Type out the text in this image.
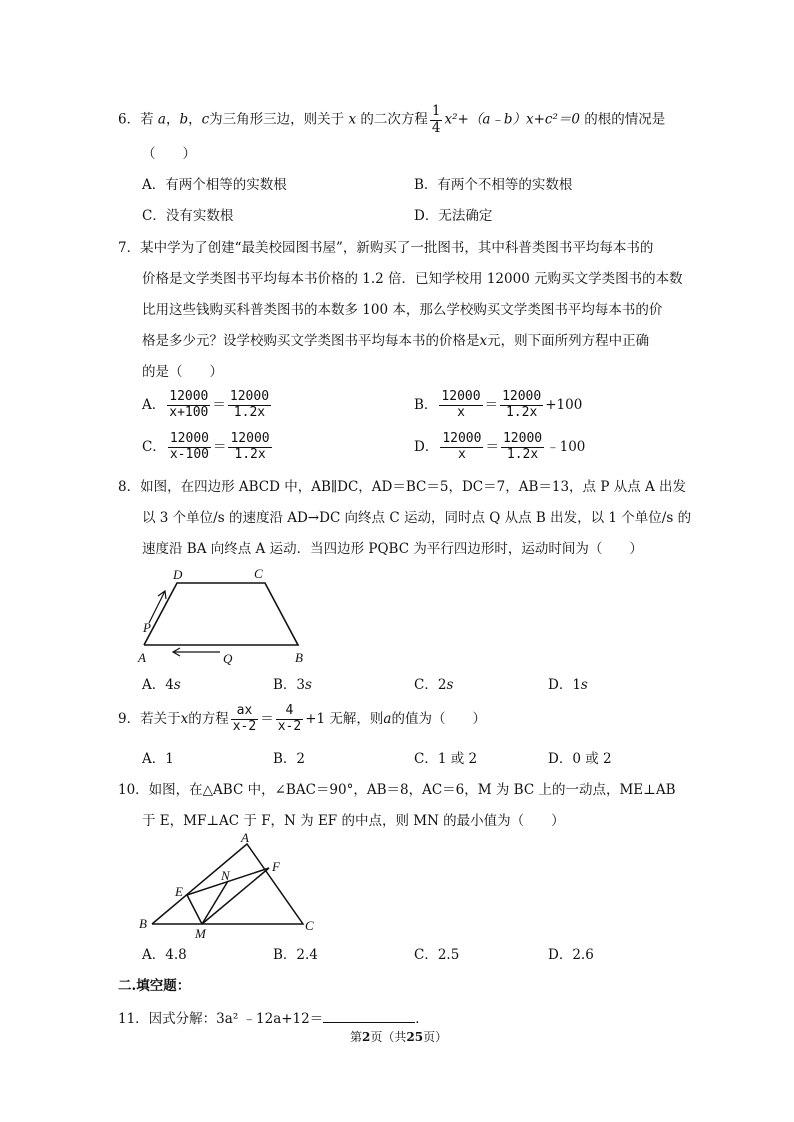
6．若 a，b，c为三角形三边，则关于 x 的二次方程 $\frac{1}{4}$ x²+（a﹣b）x+c²＝0 的根的情况是
（　　）
A．有两个相等的实数根	B．有两个不相等的实数根
C．没有实数根	D．无法确定
7．某中学为了创建“最美校园图书屋”，新购买了一批图书，其中科普类图书平均每本书的
价格是文学类图书平均每本书价格的 1.2 倍．已知学校用 12000 元购买文学类图书的本数
比用这些钱购买科普类图书的本数多 100 本，那么学校购买文学类图书平均每本书的价
格是多少元？设学校购买文学类图书平均每本书的价格是x元，则下面所列方程中正确
的是（　　）
A． $\frac{12000}{x+100} = \frac{12000}{1.2x}$	B． $\frac{12000}{x} = \frac{12000}{1.2x} +100$
C． $\frac{12000}{x-100} = \frac{12000}{1.2x}$	D． $\frac{12000}{x} = \frac{12000}{1.2x}$ ﹣100
8．如图，在四边形 ABCD 中，AB∥DC，AD＝BC＝5，DC＝7，AB＝13，点 P 从点 A 出发
以 3 个单位/s 的速度沿 AD→DC 向终点 C 运动，同时点 Q 从点 B 出发，以 1 个单位/s 的
速度沿 BA 向终点 A 运动．当四边形 PQBC 为平行四边形时，运动时间为（　　）
D	C
P
A	Q	B
A．4s	B．3s	C．2s	D．1s
9．若关于x的方程 $\frac{ax}{x-2} = \frac{4}{x-2} +1$ 无解，则a的值为（　　）
A．1	B．2	C．1 或 2	D．0 或 2
10．如图，在△ABC 中，∠BAC＝90°，AB＝8，AC＝6，M 为 BC 上的一动点，ME⊥AB
于 E，MF⊥AC 于 F，N 为 EF 的中点，则 MN 的最小值为（　　）
A
F
N
E
B
M
C
A．4.8	B．2.4	C．2.5	D．2.6
二.填空题：
11．因式分解：3a² ﹣12a+12＝	．
第2页（共25页）
